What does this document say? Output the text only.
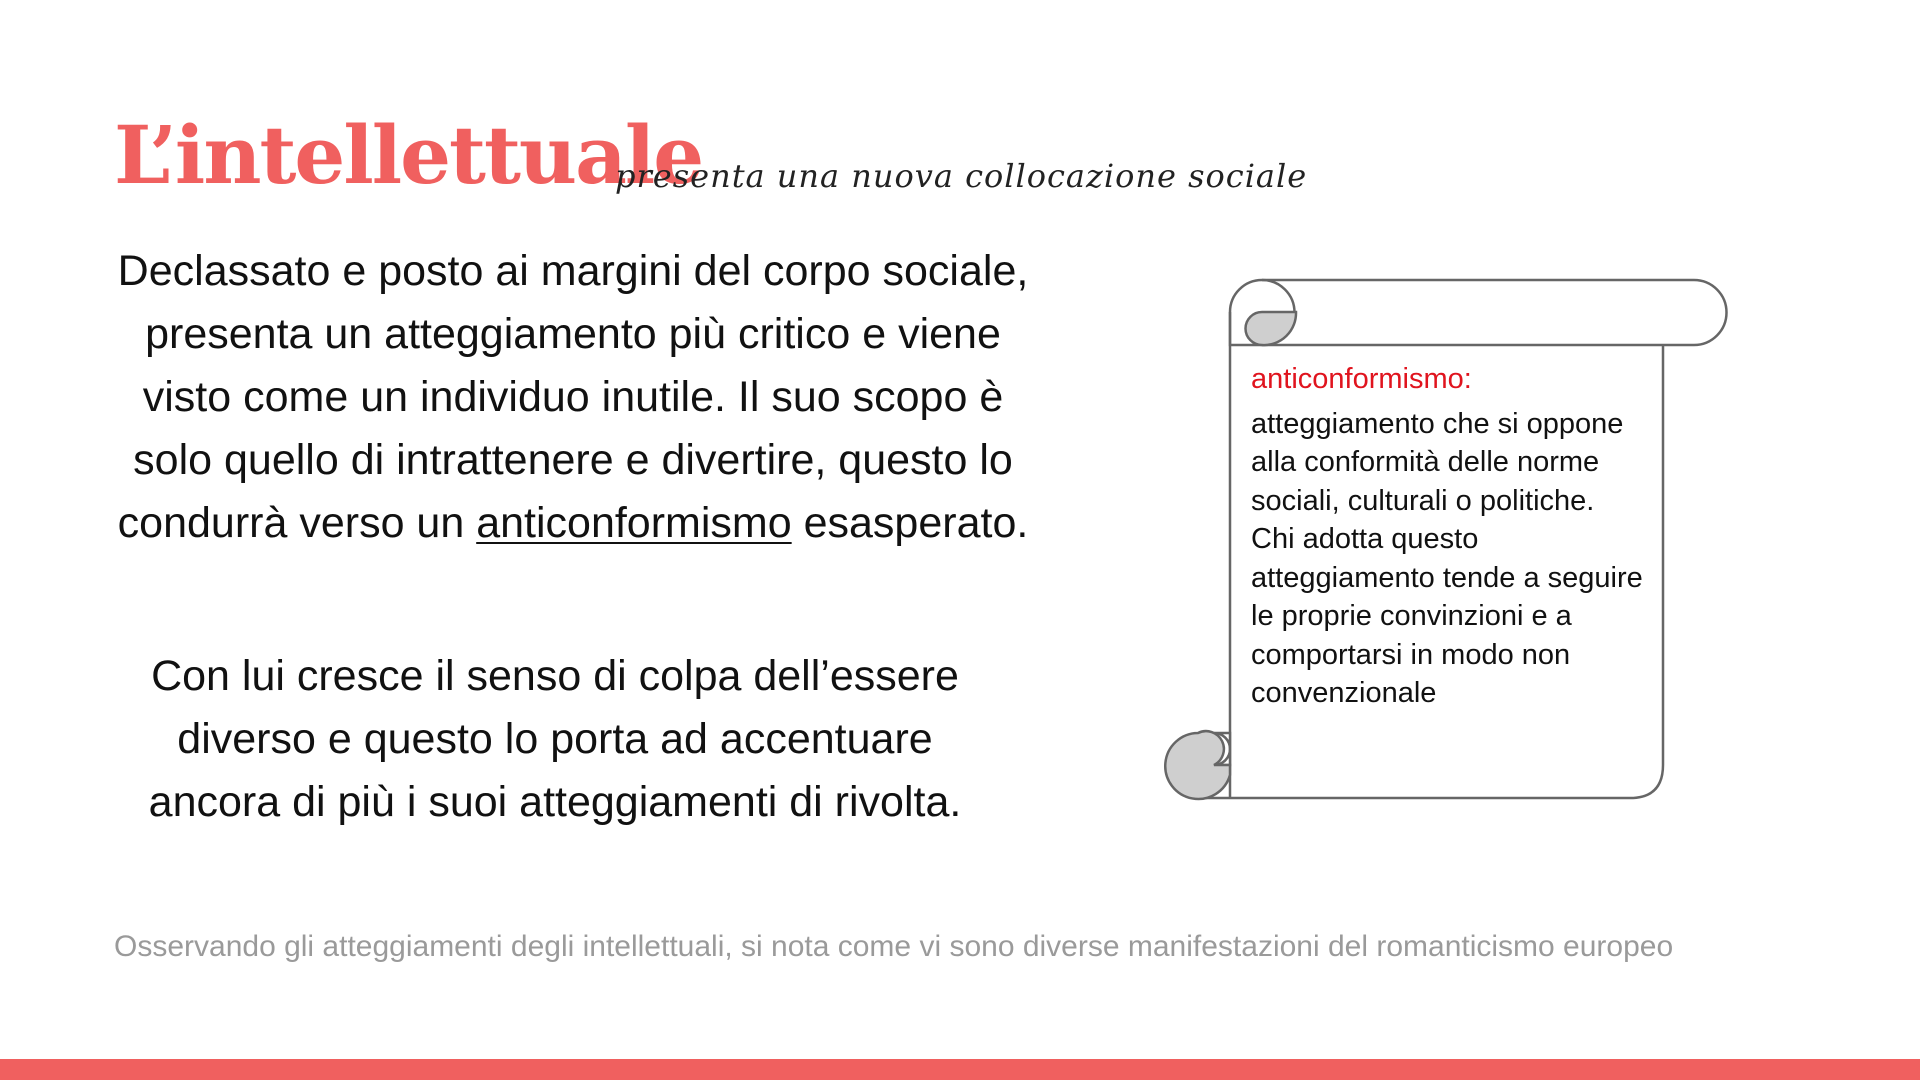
L’intellettuale
presenta una nuova collocazione sociale
Declassato e posto ai margini del corpo sociale, presenta un atteggiamento più critico e viene visto come un individuo inutile. Il suo scopo è solo quello di intrattenere e divertire, questo lo condurrà verso un anticonformismo esasperato.
Con lui cresce il senso di colpa dell’essere diverso e questo lo porta ad accentuare ancora di più i suoi atteggiamenti di rivolta.
anticonformismo:
atteggiamento che si oppone alla conformità delle norme sociali, culturali o politiche.
Chi adotta questo atteggiamento tende a seguire le proprie convinzioni e a comportarsi in modo non convenzionale
Osservando gli atteggiamenti degli intellettuali, si nota come vi sono diverse manifestazioni del romanticismo europeo
